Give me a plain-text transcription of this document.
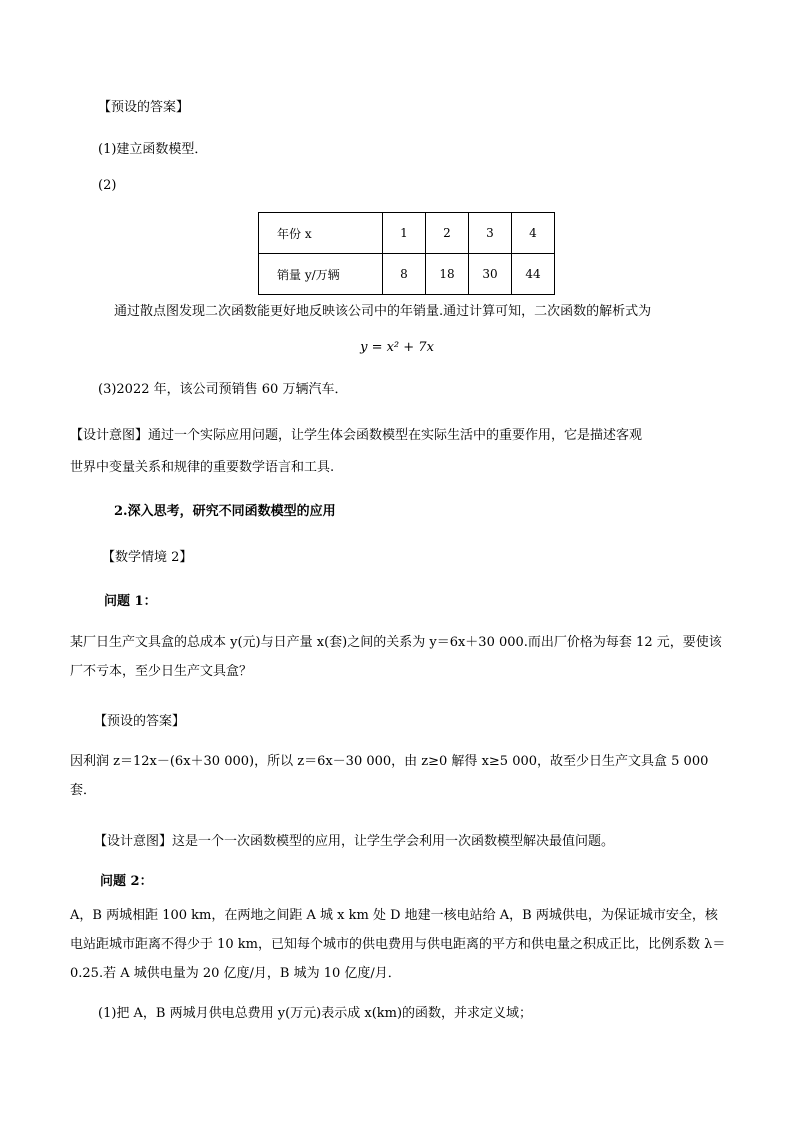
【预设的答案】
(1)建立函数模型．
(2)
年份 x	1	2	3	4
销量 y/万辆	8	18	30	44
通过散点图发现二次函数能更好地反映该公司中的年销量.通过计算可知，二次函数的解析式为
y = x² + 7x
(3)2022 年，该公司预销售 60 万辆汽车．
【设计意图】通过一个实际应用问题，让学生体会函数模型在实际生活中的重要作用，它是描述客观
世界中变量关系和规律的重要数学语言和工具.
2.深入思考，研究不同函数模型的应用
【数学情境 2】
问题 1：
某厂日生产文具盒的总成本 y(元)与日产量 x(套)之间的关系为 y＝6x＋30 000.而出厂价格为每套 12 元，要使该厂不亏本，至少日生产文具盒？
【预设的答案】
因利润 z＝12x－(6x＋30 000)，所以 z＝6x－30 000，由 z≥0 解得 x≥5 000，故至少日生产文具盒 5 000 套．
【设计意图】这是一个一次函数模型的应用，让学生学会利用一次函数模型解决最值问题。
问题 2：
A，B 两城相距 100 km，在两地之间距 A 城 x km 处 D 地建一核电站给 A，B 两城供电，为保证城市安全，核电站距城市距离不得少于 10 km，已知每个城市的供电费用与供电距离的平方和供电量之积成正比，比例系数 λ＝0.25.若 A 城供电量为 20 亿度/月，B 城为 10 亿度/月．
(1)把 A，B 两城月供电总费用 y(万元)表示成 x(km)的函数，并求定义域；
